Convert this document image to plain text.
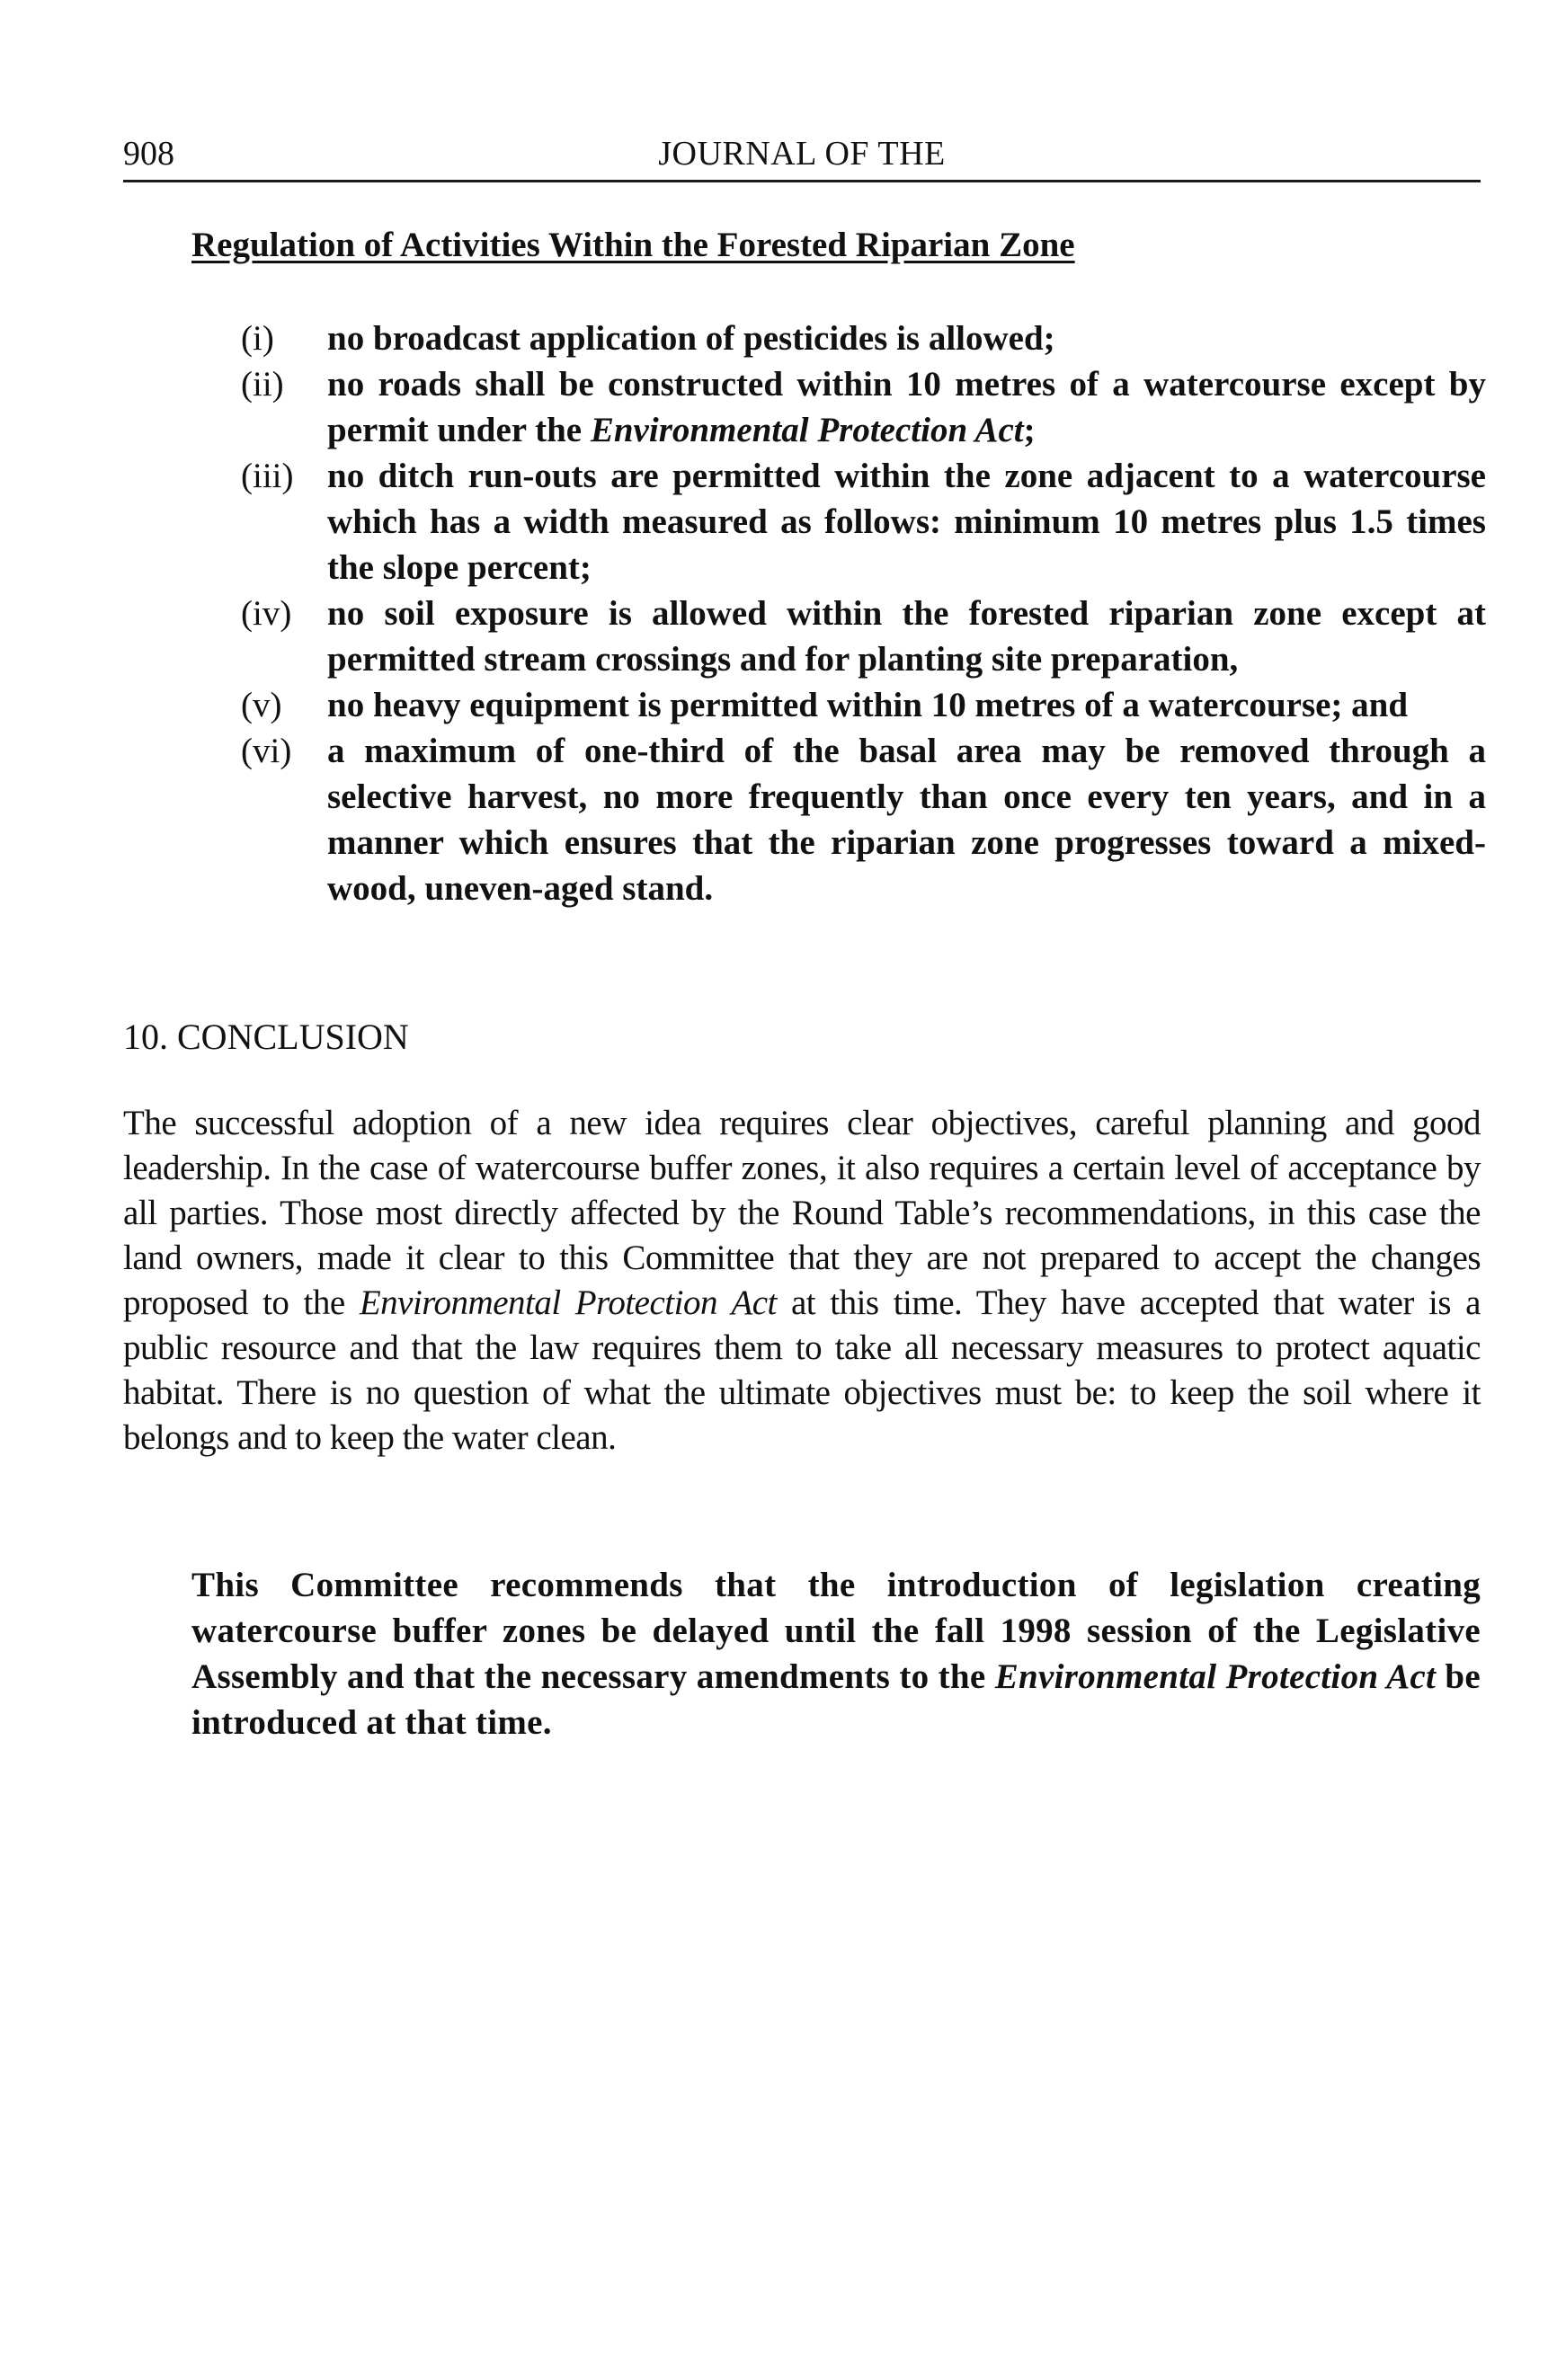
908	JOURNAL OF THE
Regulation of Activities Within the Forested Riparian Zone
(i)	no broadcast application of pesticides is allowed;
(ii)	no roads shall be constructed within 10 metres of a watercourse except by permit under the Environmental Protection Act;
(iii) no ditch run-outs are permitted within the zone adjacent to a watercourse which has a width measured as follows: minimum 10 metres plus 1.5 times the slope percent;
(iv)	no soil exposure is allowed within the forested riparian zone except at permitted stream crossings and for planting site preparation,
(v)	no heavy equipment is permitted within 10 metres of a watercourse; and
(vi)	a maximum of one-third of the basal area may be removed through a selective harvest, no more frequently than once every ten years, and in a manner which ensures that the riparian zone progresses toward a mixed-wood, uneven-aged stand.
10. CONCLUSION

The successful adoption of a new idea requires clear objectives, careful planning and good leadership. In the case of watercourse buffer zones, it also requires a certain level of acceptance by all parties. Those most directly affected by the Round Table’s recommendations, in this case the land owners, made it clear to this Committee that they are not prepared to accept the changes proposed to the Environmental Protection Act at this time. They have accepted that water is a public resource and that the law requires them to take all necessary measures to protect aquatic habitat. There is no question of what the ultimate objectives must be: to keep the soil where it belongs and to keep the water clean.

This Committee recommends that the introduction of legislation creating watercourse buffer zones be delayed until the fall 1998 session of the Legislative Assembly and that the necessary amendments to the Environmental Protection Act be introduced at that time.
